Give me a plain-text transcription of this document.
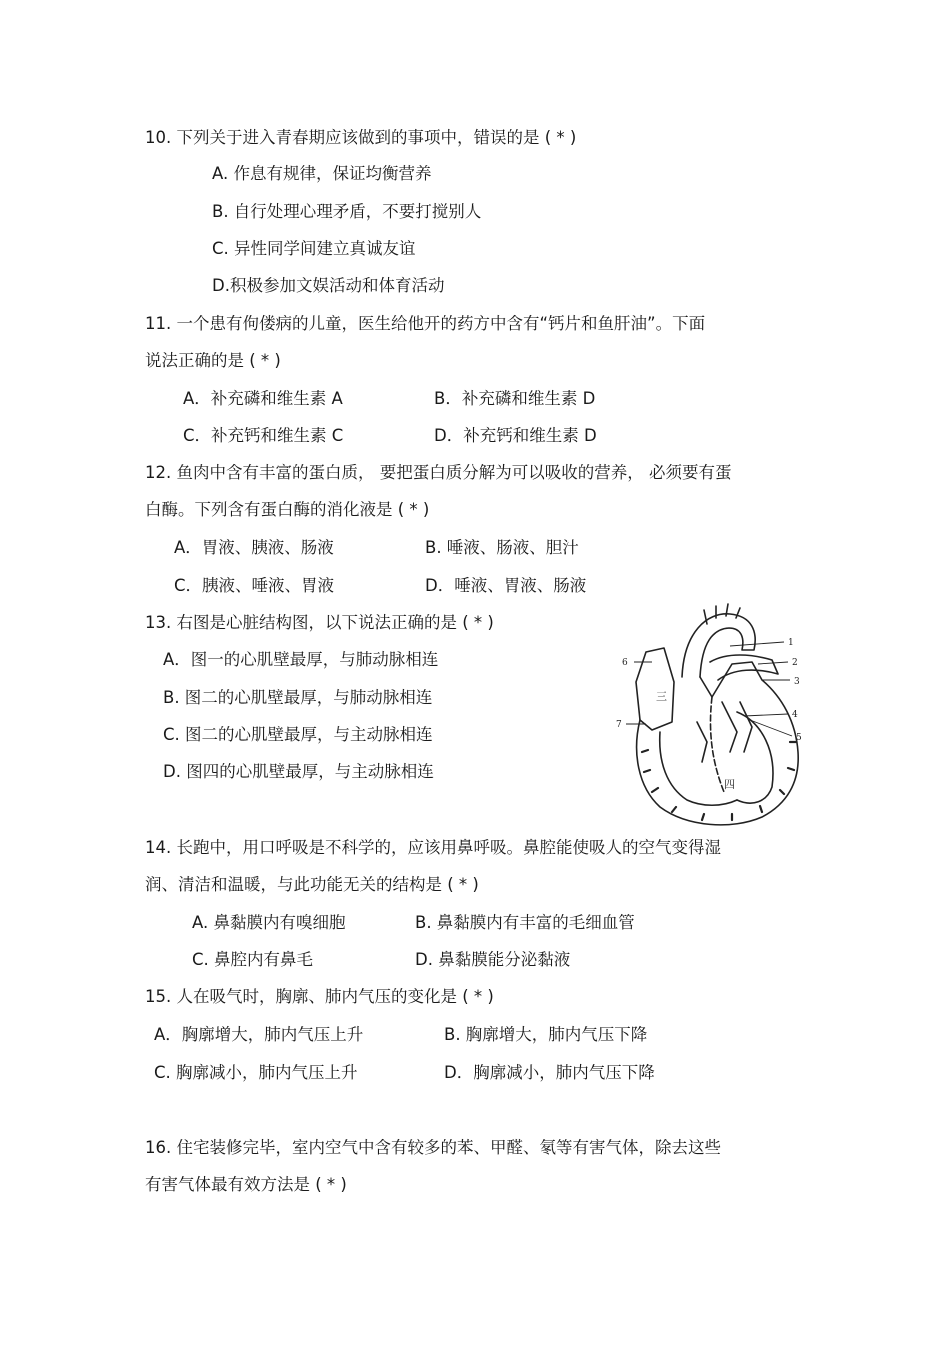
10. 下列关于进入青春期应该做到的事项中，错误的是 ( * )
A. 作息有规律，保证均衡营养
B. 自行处理心理矛盾，不要打搅别人
C. 异性同学间建立真诚友谊
D.积极参加文娱活动和体育活动
11. 一个患有佝偻病的儿童，医生给他开的药方中含有“钙片和鱼肝油”。下面
说法正确的是 ( * )
A．补充磷和维生素 A	B．补充磷和维生素 D
C．补充钙和维生素 C	D．补充钙和维生素 D
12. 鱼肉中含有丰富的蛋白质， 要把蛋白质分解为可以吸收的营养， 必须要有蛋
白酶。下列含有蛋白酶的消化液是 ( * )
A．胃液、胰液、肠液	B. 唾液、肠液、胆汁
C．胰液、唾液、胃液	D．唾液、胃液、肠液
13. 右图是心脏结构图，以下说法正确的是 ( * )
A．图一的心肌壁最厚，与肺动脉相连
B. 图二的心肌壁最厚，与肺动脉相连
C. 图二的心肌壁最厚，与主动脉相连
D. 图四的心肌壁最厚，与主动脉相连
1
2
3
4
5
6
7
三
四
14. 长跑中，用口呼吸是不科学的，应该用鼻呼吸。鼻腔能使吸人的空气变得湿
润、清洁和温暖，与此功能无关的结构是 ( * )
A. 鼻黏膜内有嗅细胞	B. 鼻黏膜内有丰富的毛细血管
C. 鼻腔内有鼻毛	D. 鼻黏膜能分泌黏液
15. 人在吸气时，胸廓、肺内气压的变化是 ( * )
A．胸廓增大，肺内气压上升	B. 胸廓增大，肺内气压下降
C. 胸廓减小，肺内气压上升	D．胸廓减小，肺内气压下降
16. 住宅装修完毕，室内空气中含有较多的苯、甲醛、氡等有害气体，除去这些
有害气体最有效方法是 ( * )
